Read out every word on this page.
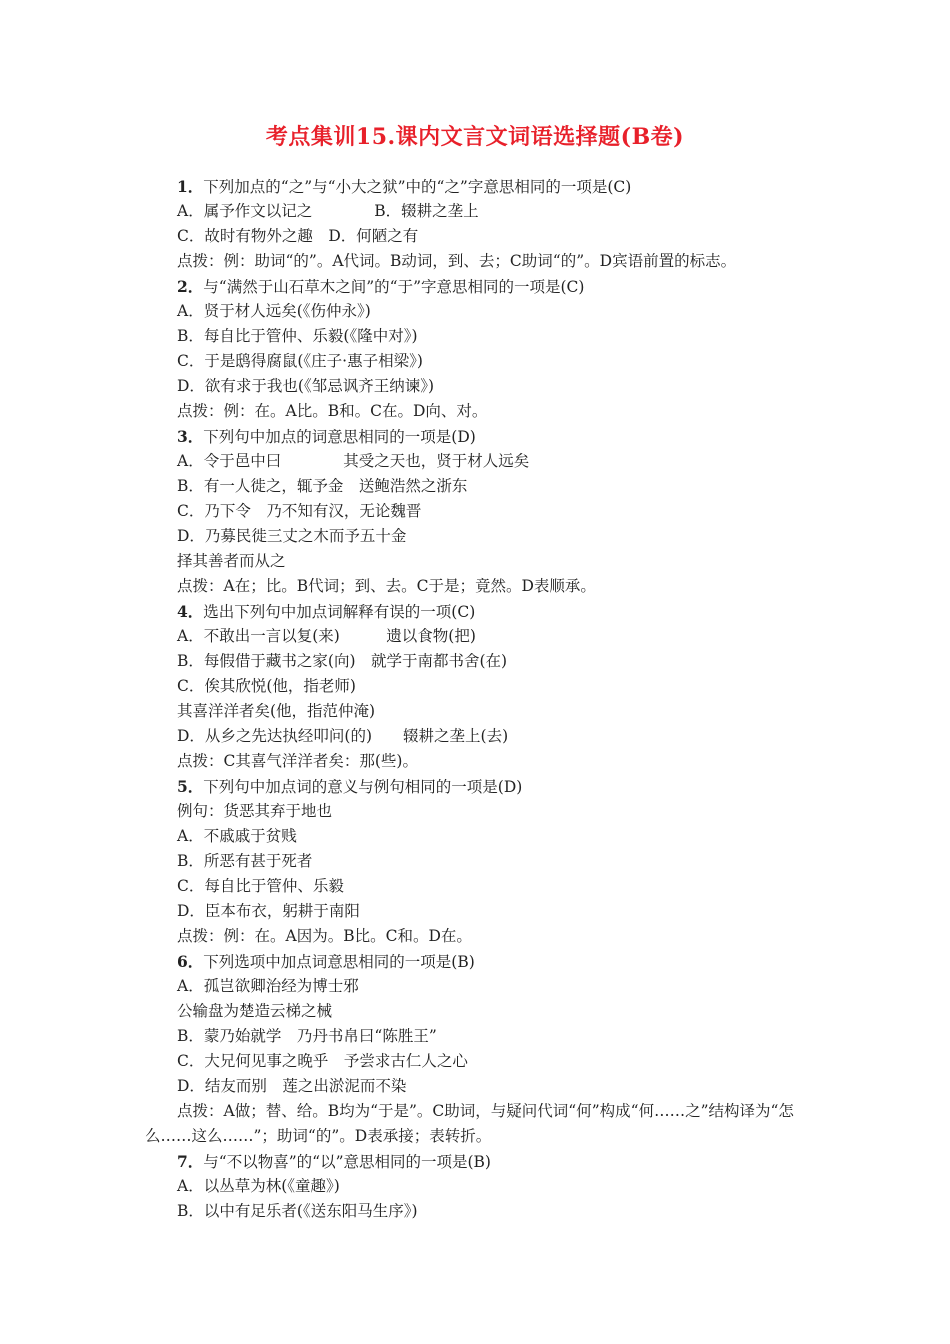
考点集训15.课内文言文词语选择题(B卷)
1．下列加点的“之”与“小大之狱”中的“之”字意思相同的一项是(C)
A．属予作文以记之　　　　B．辍耕之垄上
C．故时有物外之趣　D．何陋之有
点拨：例：助词“的”。A代词。B动词，到、去；C助词“的”。D宾语前置的标志。
2．与“满然于山石草木之间”的“于”字意思相同的一项是(C)
A．贤于材人远矣(《伤仲永》)
B．每自比于管仲、乐毅(《隆中对》)
C．于是鸱得腐鼠(《庄子·惠子相梁》)
D．欲有求于我也(《邹忌讽齐王纳谏》)
点拨：例：在。A比。B和。C在。D向、对。
3．下列句中加点的词意思相同的一项是(D)
A．令于邑中曰　　　　其受之天也，贤于材人远矣
B．有一人徙之，辄予金　送鲍浩然之浙东
C．乃下令　乃不知有汉，无论魏晋
D．乃募民徙三丈之木而予五十金
择其善者而从之
点拨：A在；比。B代词；到、去。C于是；竟然。D表顺承。
4．选出下列句中加点词解释有误的一项(C)
A．不敢出一言以复(来)　　　遗以食物(把)
B．每假借于藏书之家(向)　就学于南都书舍(在)
C．俟其欣悦(他，指老师)
其喜洋洋者矣(他，指范仲淹)
D．从乡之先达执经叩问(的)　　辍耕之垄上(去)
点拨：C其喜气洋洋者矣：那(些)。
5．下列句中加点词的意义与例句相同的一项是(D)
例句：货恶其弃于地也
A．不戚戚于贫贱
B．所恶有甚于死者
C．每自比于管仲、乐毅
D．臣本布衣，躬耕于南阳
点拨：例：在。A因为。B比。C和。D在。
6．下列选项中加点词意思相同的一项是(B)
A．孤岂欲卿治经为博士邪
公输盘为楚造云梯之械
B．蒙乃始就学　乃丹书帛曰“陈胜王”
C．大兄何见事之晚乎　予尝求古仁人之心
D．结友而别　莲之出淤泥而不染
点拨：A做；替、给。B均为“于是”。C助词，与疑问代词“何”构成“何……之”结构译为“怎么……这么……”；助词“的”。D表承接；表转折。
7．与“不以物喜”的“以”意思相同的一项是(B)
A．以丛草为林(《童趣》)
B．以中有足乐者(《送东阳马生序》)
